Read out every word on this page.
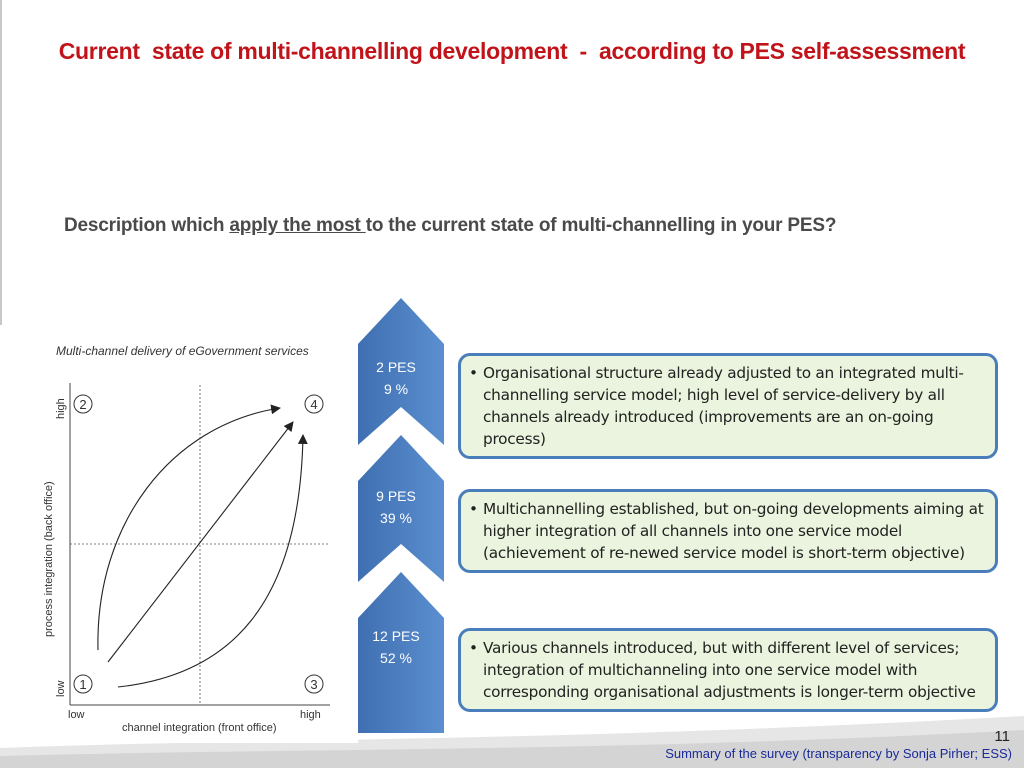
Current  state of multi-channelling development  -  according to PES self-assessment
Description which apply the most to the current state of multi-channelling in your PES?
Multi-channel delivery of eGovernment services
process integration (back office)
high
low
low	high
channel integration (front office)
2	4
1	3
2 PES
9 %
9 PES
39 %
12 PES
52 %
• Organisational structure already adjusted to an integrated multi-channelling service model; high level of service-delivery by all channels already introduced (improvements are an on-going process)
• Multichannelling established, but on-going developments aiming at higher integration of all channels into one service model (achievement of re-newed service model is short-term objective)
• Various channels introduced, but with different level of services; integration of multichanneling into one service model with corresponding organisational adjustments is longer-term objective
11
Summary of the survey (transparency by Sonja Pirher; ESS)
